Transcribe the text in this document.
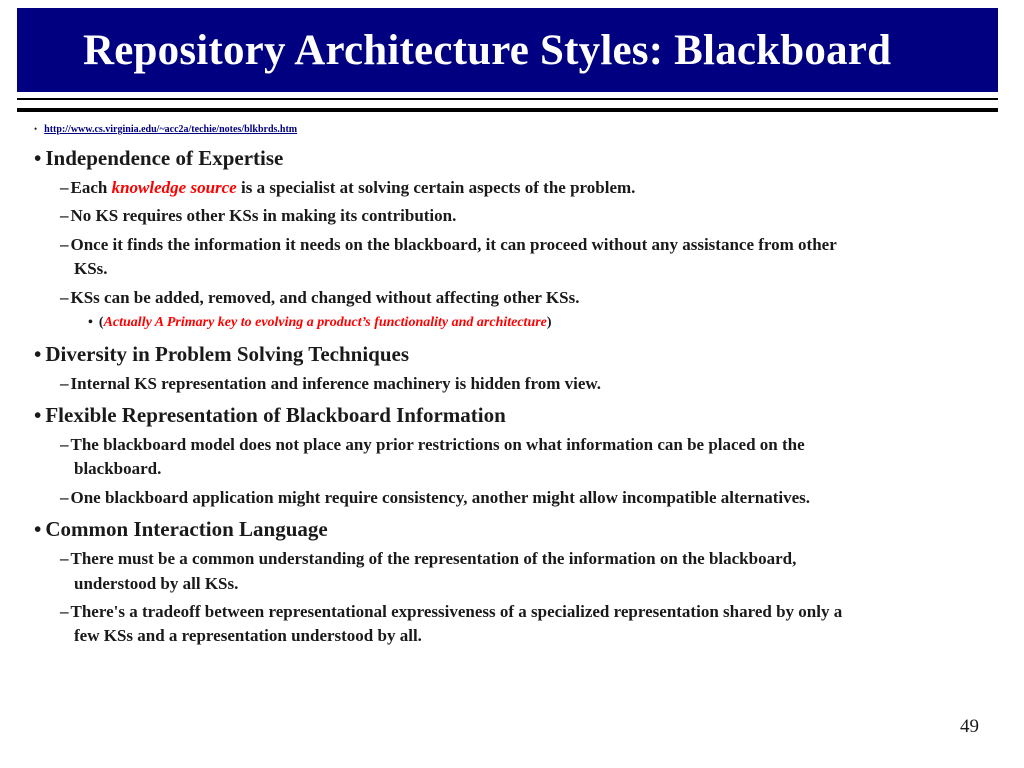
Repository Architecture Styles: Blackboard
• http://www.cs.virginia.edu/~acc2a/techie/notes/blkbrds.htm
• Independence of Expertise
– Each knowledge source is a specialist at solving certain aspects of the problem.
– No KS requires other KSs in making its contribution.
– Once it finds the information it needs on the blackboard, it can proceed without any assistance from other
KSs.
– KSs can be added, removed, and changed without affecting other KSs.
• (Actually A Primary key to evolving a product’s functionality and architecture)
• Diversity in Problem Solving Techniques
– Internal KS representation and inference machinery is hidden from view.
• Flexible Representation of Blackboard Information
– The blackboard model does not place any prior restrictions on what information can be placed on the
blackboard.
– One blackboard application might require consistency, another might allow incompatible alternatives.
• Common Interaction Language
– There must be a common understanding of the representation of the information on the blackboard,
understood by all KSs.
– There's a tradeoff between representational expressiveness of a specialized representation shared by only a
few KSs and a representation understood by all.
49
